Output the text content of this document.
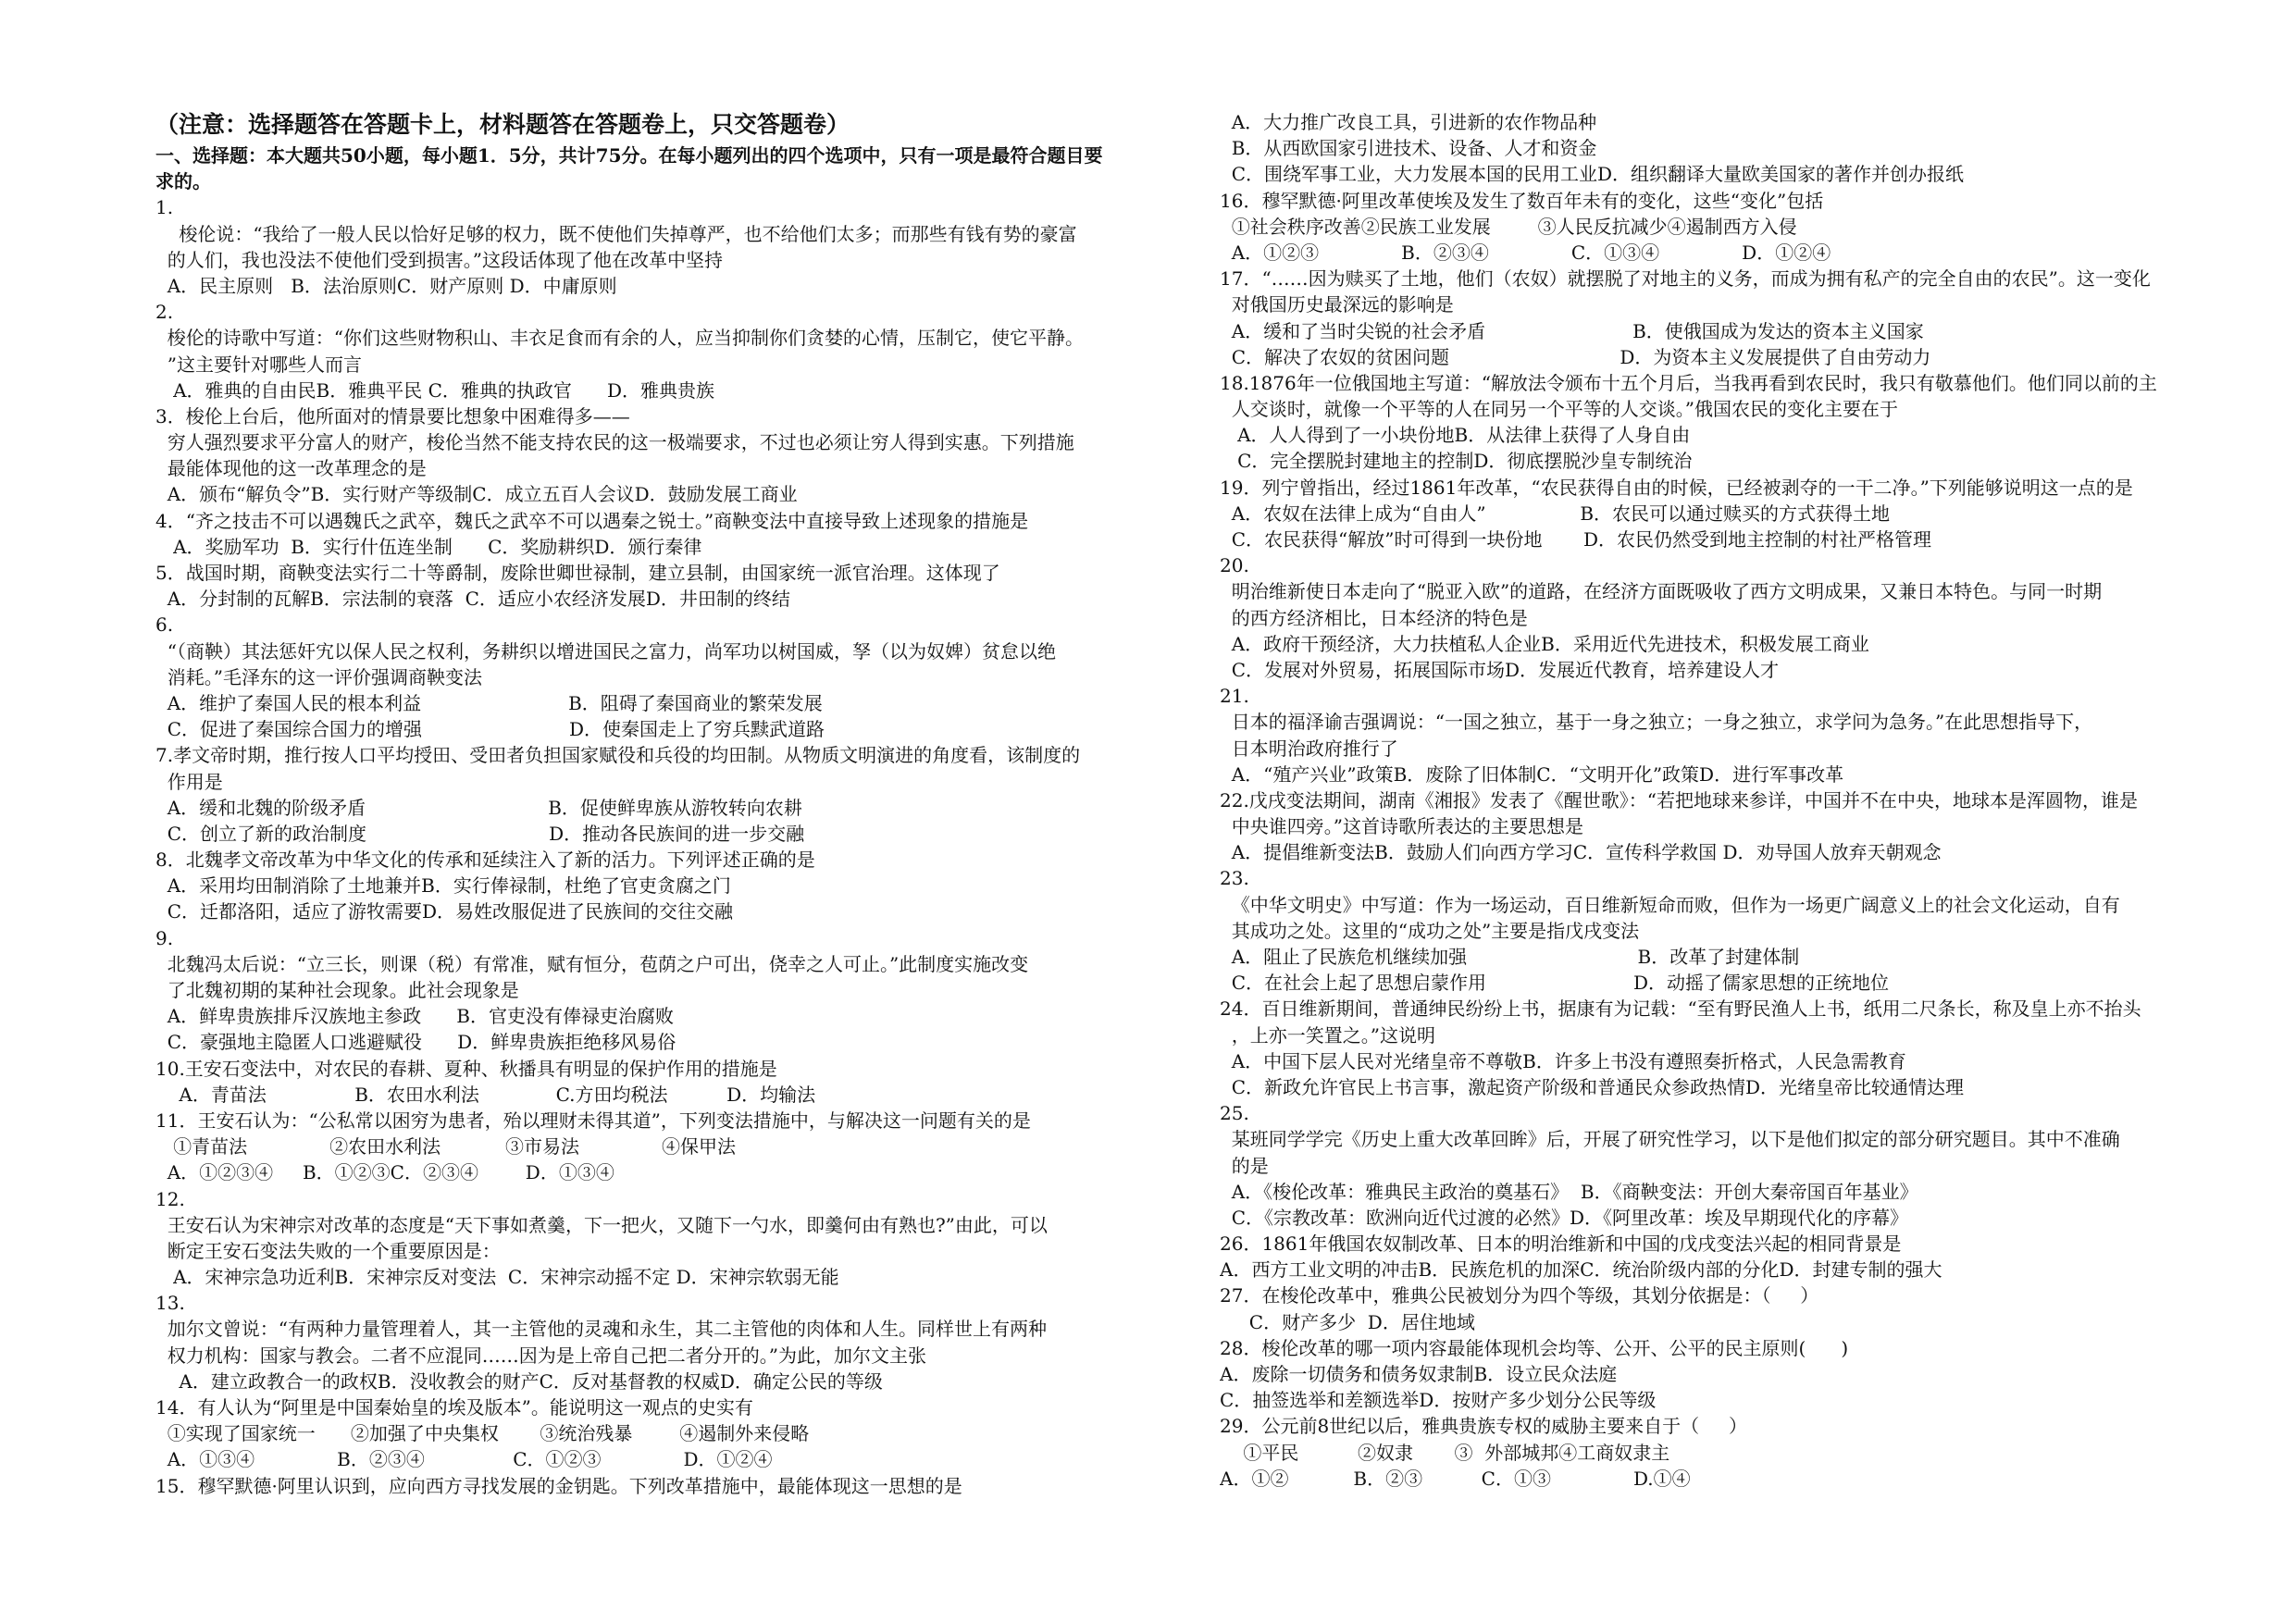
（注意：选择题答在答题卡上，材料题答在答题卷上，只交答题卷）
一、选择题：本大题共50小题，每小题1．5分，共计75分。在每小题列出的四个选项中，只有一项是最符合题目要
求的。
1.
梭伦说：“我给了一般人民以恰好足够的权力，既不使他们失掉尊严，也不给他们太多；而那些有钱有势的豪富
的人们，我也没法不使他们受到损害。”这段话体现了他在改革中坚持
A．民主原则   B．法治原则C．财产原则 D．中庸原则
2.
梭伦的诗歌中写道：“你们这些财物积山、丰衣足食而有余的人，应当抑制你们贪婪的心情，压制它，使它平静。
”这主要针对哪些人而言
A．雅典的自由民B．雅典平民 C．雅典的执政官      D．雅典贵族
3．梭伦上台后，他所面对的情景要比想象中困难得多——
穷人强烈要求平分富人的财产，梭伦当然不能支持农民的这一极端要求，不过也必须让穷人得到实惠。下列措施
最能体现他的这一改革理念的是
A．颁布“解负令”B．实行财产等级制C．成立五百人会议D．鼓励发展工商业
4．“齐之技击不可以遇魏氏之武卒，魏氏之武卒不可以遇秦之锐士。”商鞅变法中直接导致上述现象的措施是
A．奖励军功  B．实行什伍连坐制      C．奖励耕织D．颁行秦律
5．战国时期，商鞅变法实行二十等爵制，废除世卿世禄制，建立县制，由国家统一派官治理。这体现了
A．分封制的瓦解B．宗法制的衰落  C．适应小农经济发展D．井田制的终结
6.
“（商鞅）其法惩奸宄以保人民之权利，务耕织以增进国民之富力，尚军功以树国威，孥（以为奴婢）贫怠以绝
消耗。”毛泽东的这一评价强调商鞅变法
A．维护了秦国人民的根本利益                         B．阻碍了秦国商业的繁荣发展
C．促进了秦国综合国力的增强                         D．使秦国走上了穷兵黩武道路
7.孝文帝时期，推行按人口平均授田、受田者负担国家赋役和兵役的均田制。从物质文明演进的角度看，该制度的
作用是
A．缓和北魏的阶级矛盾                               B．促使鲜卑族从游牧转向农耕
C．创立了新的政治制度                               D．推动各民族间的进一步交融
8．北魏孝文帝改革为中华文化的传承和延续注入了新的活力。下列评述正确的是
A．采用均田制消除了土地兼并B．实行俸禄制，杜绝了官吏贪腐之门
C．迁都洛阳，适应了游牧需要D．易姓改服促进了民族间的交往交融
9.
北魏冯太后说：“立三长，则课（税）有常准，赋有恒分，苞荫之户可出，侥幸之人可止。”此制度实施改变
了北魏初期的某种社会现象。此社会现象是
A．鲜卑贵族排斥汉族地主参政      B．官吏没有俸禄吏治腐败
C．豪强地主隐匿人口逃避赋役      D．鲜卑贵族拒绝移风易俗
10.王安石变法中，对农民的春耕、夏种、秋播具有明显的保护作用的措施是
A．青苗法               B．农田水利法             C.方田均税法          D．均输法
11．王安石认为：“公私常以困穷为患者，殆以理财未得其道”，下列变法措施中，与解决这一问题有关的是
①青苗法              ②农田水利法           ③市易法              ④保甲法
A．①②③④     B．①②③C．②③④        D．①③④
12.
王安石认为宋神宗对改革的态度是“天下事如煮羹，下一把火，又随下一勺水，即羹何由有熟也?”由此，可以
断定王安石变法失败的一个重要原因是：
A．宋神宗急功近利B．宋神宗反对变法  C．宋神宗动摇不定 D．宋神宗软弱无能
13.
加尔文曾说：“有两种力量管理着人，其一主管他的灵魂和永生，其二主管他的肉体和人生。同样世上有两种
权力机构：国家与教会。二者不应混同……因为是上帝自己把二者分开的。”为此，加尔文主张
A．建立政教合一的政权B．没收教会的财产C．反对基督教的权威D．确定公民的等级
14．有人认为“阿里是中国秦始皇的埃及版本”。能说明这一观点的史实有
①实现了国家统一      ②加强了中央集权       ③统治残暴        ④遏制外来侵略
A．①③④              B．②③④               C．①②③              D．①②④
15．穆罕默德·阿里认识到，应向西方寻找发展的金钥匙。下列改革措施中，最能体现这一思想的是
A．大力推广改良工具，引进新的农作物品种
B．从西欧国家引进技术、设备、人才和资金
C．围绕军事工业，大力发展本国的民用工业D．组织翻译大量欧美国家的著作并创办报纸
16．穆罕默德·阿里改革使埃及发生了数百年未有的变化，这些“变化”包括
①社会秩序改善②民族工业发展        ③人民反抗减少④遏制西方入侵
A．①②③              B．②③④              C．①③④              D．①②④
17．“……因为赎买了土地，他们（农奴）就摆脱了对地主的义务，而成为拥有私产的完全自由的农民”。这一变化
对俄国历史最深远的影响是
A．缓和了当时尖锐的社会矛盾                         B．使俄国成为发达的资本主义国家
C．解决了农奴的贫困问题                             D．为资本主义发展提供了自由劳动力
18.1876年一位俄国地主写道：“解放法令颁布十五个月后，当我再看到农民时，我只有敬慕他们。他们同以前的主
人交谈时，就像一个平等的人在同另一个平等的人交谈。”俄国农民的变化主要在于
A．人人得到了一小块份地B．从法律上获得了人身自由
C．完全摆脱封建地主的控制D．彻底摆脱沙皇专制统治
19．列宁曾指出，经过1861年改革，“农民获得自由的时候，已经被剥夺的一干二净。”下列能够说明这一点的是
A．农奴在法律上成为“自由人”                B．农民可以通过赎买的方式获得土地
C．农民获得“解放”时可得到一块份地       D．农民仍然受到地主控制的村社严格管理
20.
明治维新使日本走向了“脱亚入欧”的道路，在经济方面既吸收了西方文明成果，又兼日本特色。与同一时期
的西方经济相比，日本经济的特色是
A．政府干预经济，大力扶植私人企业B．采用近代先进技术，积极发展工商业
C．发展对外贸易，拓展国际市场D．发展近代教育，培养建设人才
21.
日本的福泽谕吉强调说：“一国之独立，基于一身之独立；一身之独立，求学问为急务。”在此思想指导下，
日本明治政府推行了
A．“殖产兴业”政策B．废除了旧体制C．“文明开化”政策D．进行军事改革
22.戊戌变法期间，湖南《湘报》发表了《醒世歌》：“若把地球来参详，中国并不在中央，地球本是浑圆物，谁是
中央谁四旁。”这首诗歌所表达的主要思想是
A．提倡维新变法B．鼓励人们向西方学习C．宣传科学救国 D．劝导国人放弃天朝观念
23.
《中华文明史》中写道：作为一场运动，百日维新短命而败，但作为一场更广阔意义上的社会文化运动，自有
其成功之处。这里的“成功之处”主要是指戊戌变法
A．阻止了民族危机继续加强                             B．改革了封建体制
C．在社会上起了思想启蒙作用                         D．动摇了儒家思想的正统地位
24．百日维新期间，普通绅民纷纷上书，据康有为记载：“至有野民渔人上书，纸用二尺条长，称及皇上亦不抬头
，上亦一笑置之。”这说明
A．中国下层人民对光绪皇帝不尊敬B．许多上书没有遵照奏折格式，人民急需教育
C．新政允许官民上书言事，激起资产阶级和普通民众参政热情D．光绪皇帝比较通情达理
25.
某班同学学完《历史上重大改革回眸》后，开展了研究性学习，以下是他们拟定的部分研究题目。其中不准确
的是
A．《梭伦改革：雅典民主政治的奠基石》  B．《商鞅变法：开创大秦帝国百年基业》
C．《宗教改革：欧洲向近代过渡的必然》D．《阿里改革：埃及早期现代化的序幕》
26．1861年俄国农奴制改革、日本的明治维新和中国的戊戌变法兴起的相同背景是
A．西方工业文明的冲击B．民族危机的加深C．统治阶级内部的分化D．封建专制的强大
27．在梭伦改革中，雅典公民被划分为四个等级，其划分依据是：（     ）
C．财产多少  D．居住地域
28．梭伦改革的哪一项内容最能体现机会均等、公开、公平的民主原则(      )
A．废除一切债务和债务奴隶制B．设立民众法庭
C．抽签选举和差额选举D．按财产多少划分公民等级
29．公元前8世纪以后，雅典贵族专权的威胁主要来自于（     ）
①平民          ②奴隶       ③  外部城邦④工商奴隶主
A．①②           B．②③          C．①③              D.①④
